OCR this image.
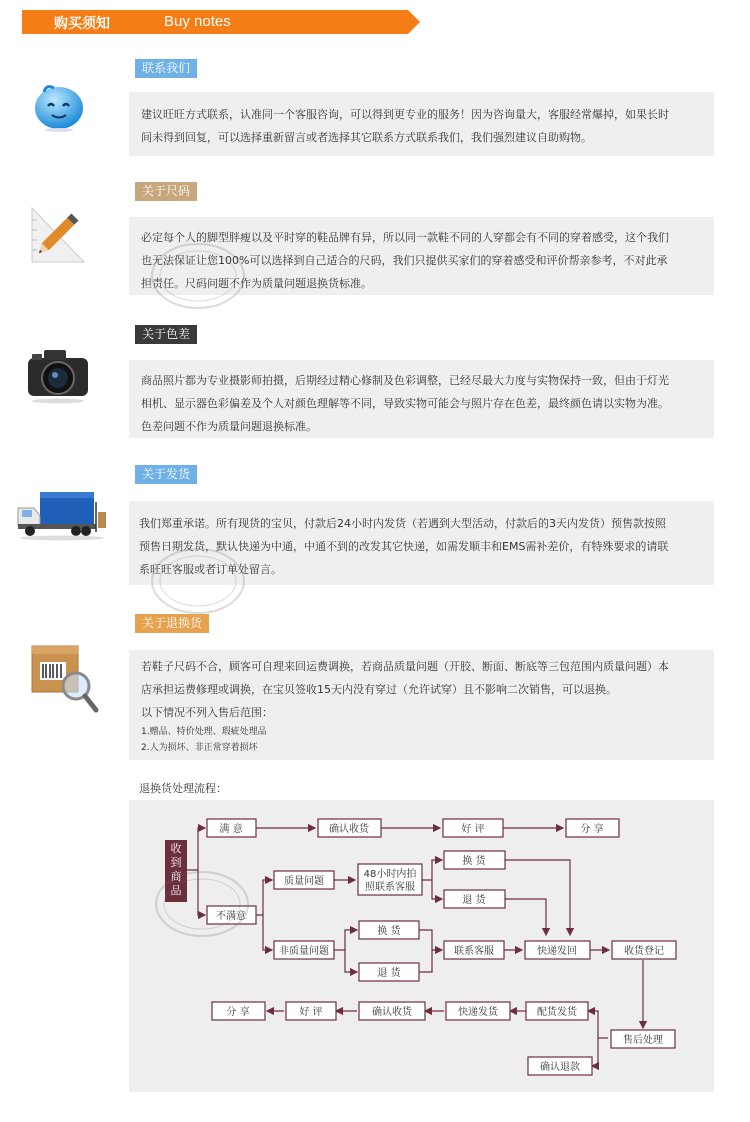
购买须知	Buy notes
联系我们

建议旺旺方式联系，认准同一个客服咨询，可以得到更专业的服务！因为咨询量大，客服经常爆掉，如果长时

间未得到回复，可以选择重新留言或者选择其它联系方式联系我们，我们强烈建议自助购物。

关于尺码

必定每个人的脚型胖瘦以及平时穿的鞋品牌有异，所以同一款鞋不同的人穿都会有不同的穿着感受，这个我们

也无法保证让您100%可以选择到自己适合的尺码，我们只提供买家们的穿着感受和评价帮亲参考，不对此承

担责任。尺码问题不作为质量问题退换货标准。

关于色差

商品照片都为专业摄影师拍摄，后期经过精心修制及色彩调整，已经尽最大力度与实物保持一致，但由于灯光

相机、显示器色彩偏差及个人对颜色理解等不同，导致实物可能会与照片存在色差，最终颜色请以实物为准。

色差问题不作为质量问题退换标准。

关于发货

我们郑重承诺。所有现货的宝贝，付款后24小时内发货（若遇到大型活动，付款后的3天内发货）预售款按照

预售日期发货，默认快递为中通，中通不到的改发其它快递，如需发顺丰和EMS需补差价，有特殊要求的请联

系旺旺客服或者订单处留言。

关于退换货

若鞋子尺码不合，顾客可自理来回运费调换，若商品质量问题（开胶、断面、断底等三包范围内质量问题）本

店承担运费修理或调换，在宝贝签收15天内没有穿过（允许试穿）且不影响二次销售，可以退换。

以下情况不列入售后范围：

1.赠品、特价处理、瑕疵处理品

2.人为损坏、非正常穿着损坏

退换货处理流程：
收
到
商
品
满 意	确认收货	好 评	分 享
不满意
质量问题
48小时内拍
照联系客服
换 货
退 货
非质量问题
换 货
退 货
联系客服	快递发回	收货登记
售后处理
确认退款
配货发货
快递发货
确认收货
好 评
分 享
